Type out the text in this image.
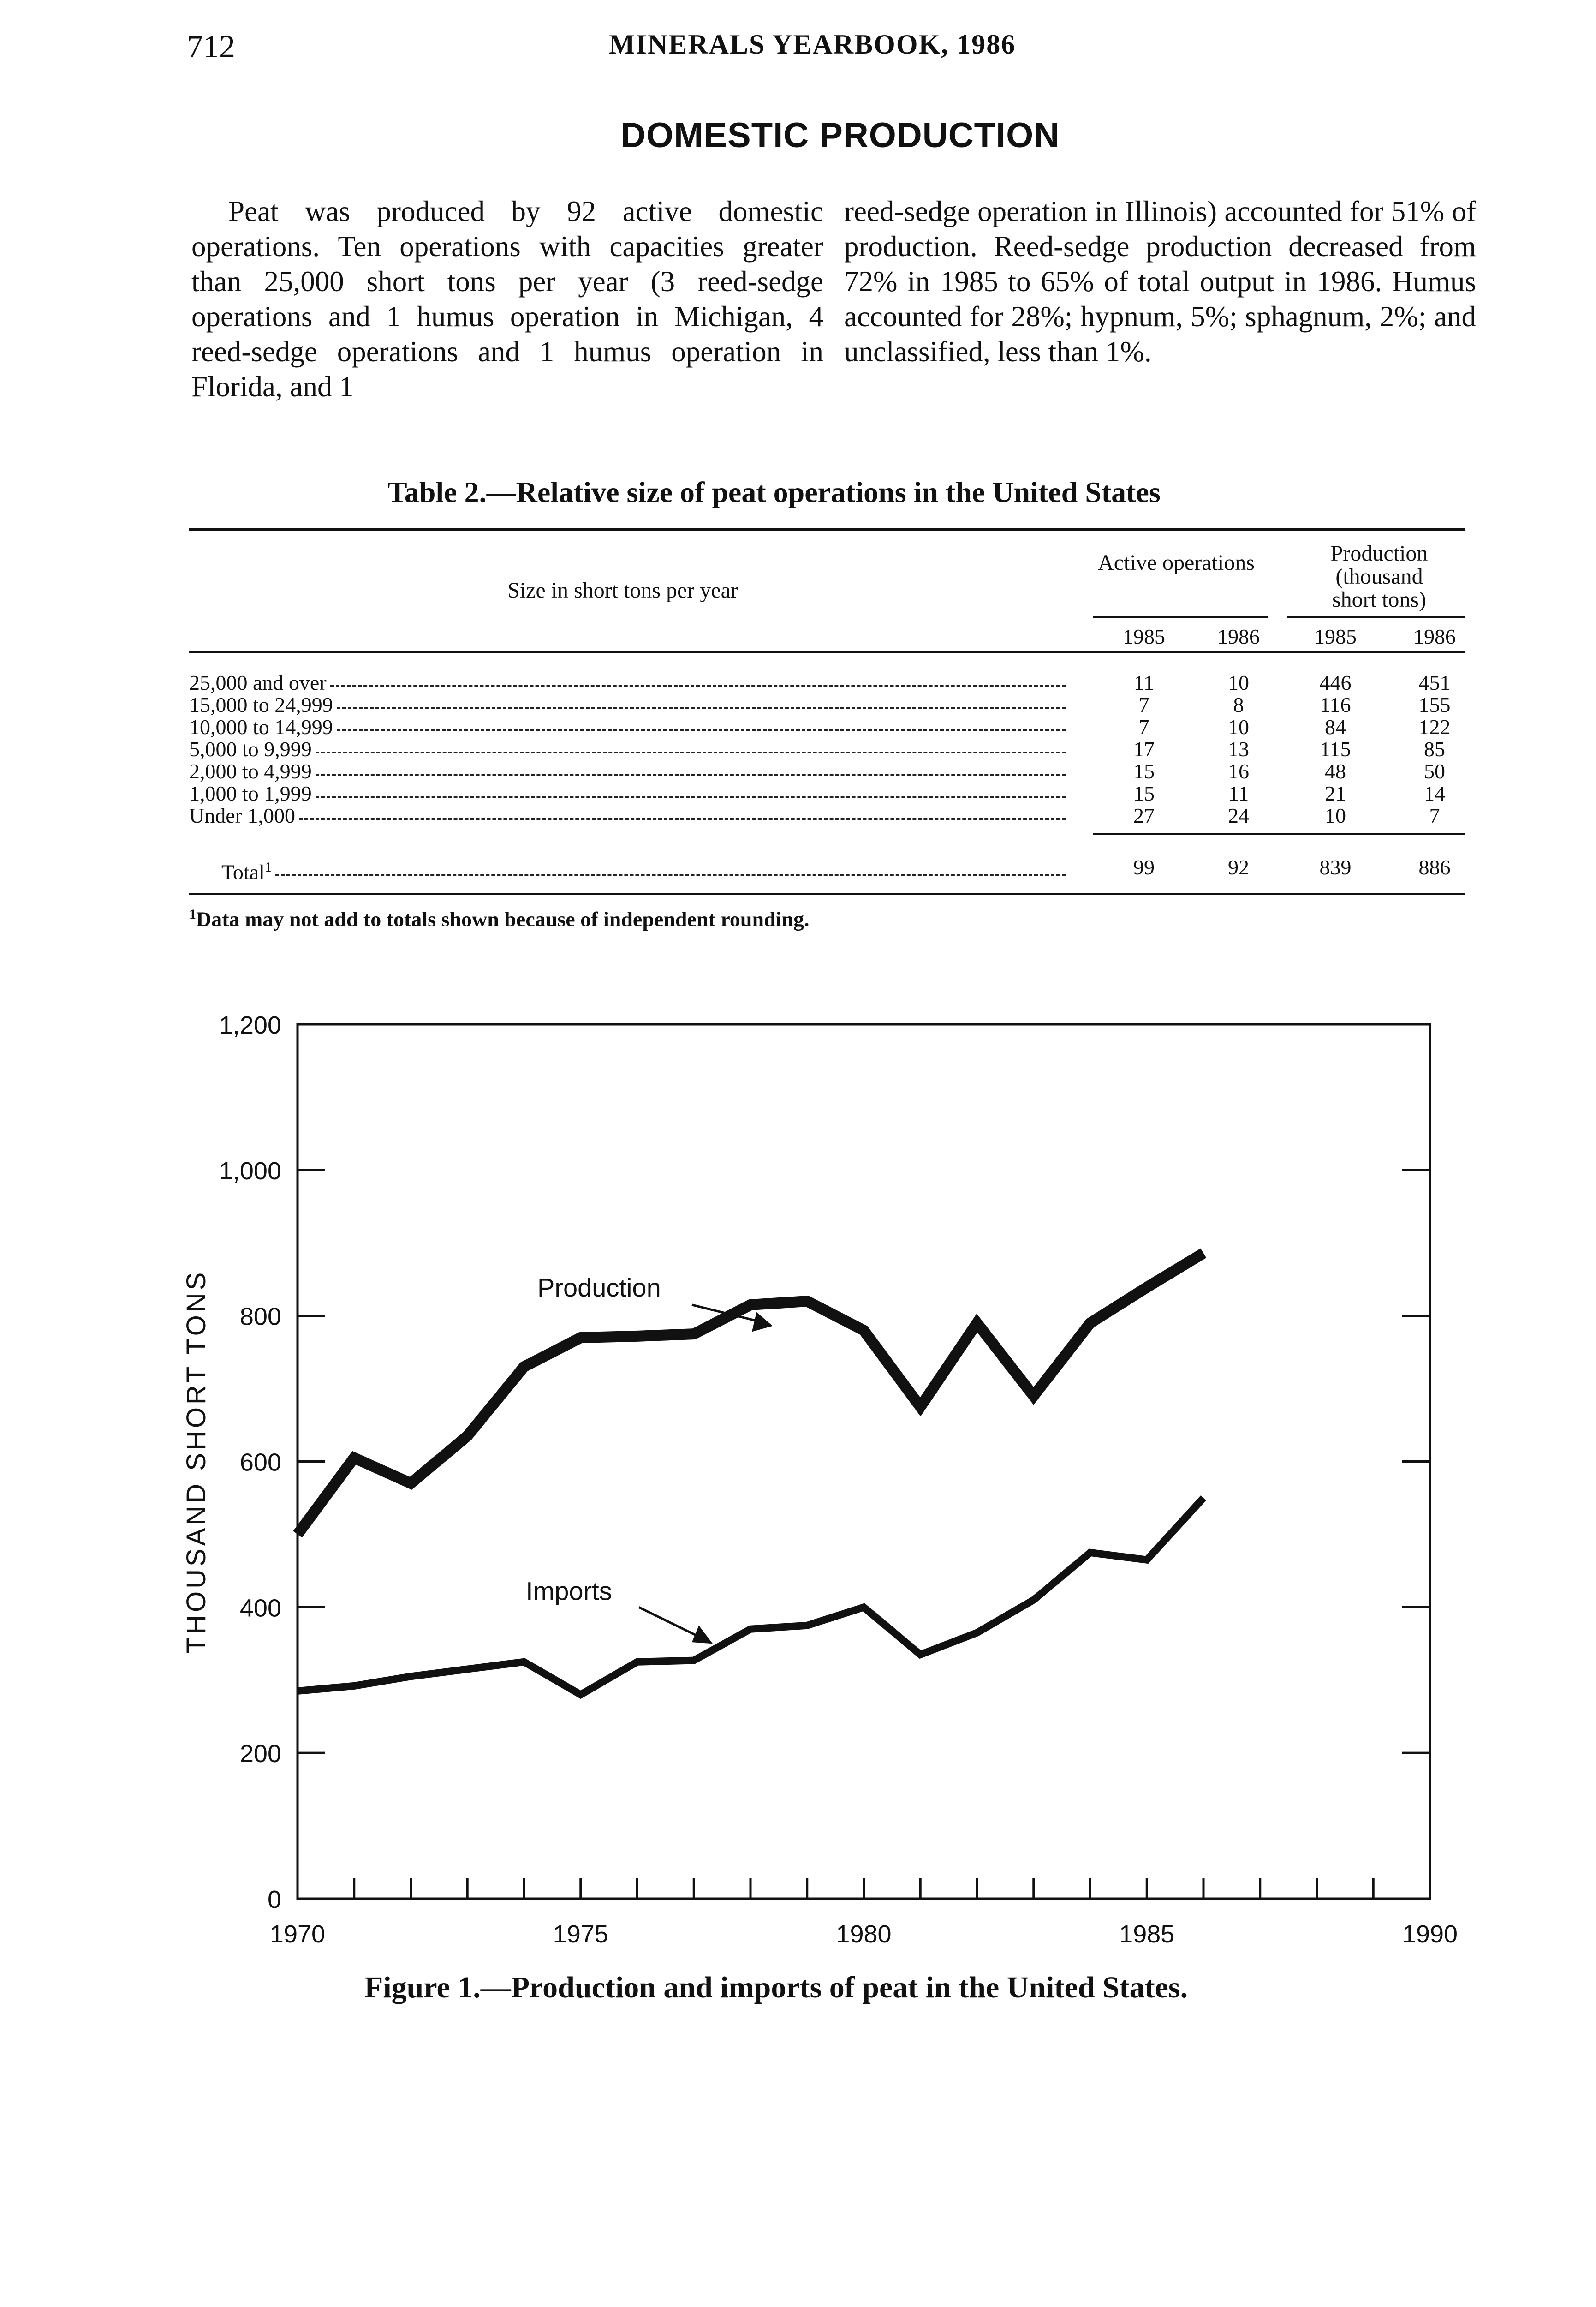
712	MINERALS YEARBOOK, 1986
DOMESTIC PRODUCTION
Peat was produced by 92 active domestic operations. Ten operations with capacities greater than 25,000 short tons per year (3 reed-sedge operations and 1 humus operation in Michigan, 4 reed-sedge operations and 1 humus operation in Florida, and 1
reed-sedge operation in Illinois) accounted for 51% of production. Reed-sedge production decreased from 72% in 1985 to 65% of total output in 1986. Humus accounted for 28%; hypnum, 5%; sphagnum, 2%; and unclassified, less than 1%.
Table 2.—Relative size of peat operations in the United States
Size in short tons per year
Active operations	Production
(thousand
short tons)
1985	1986	1985	1986
25,000 and over	11	10	446	451
15,000 to 24,999	7	8	116	155
10,000 to 14,999	7	10	84	122
5,000 to 9,999	17	13	115	85
2,000 to 4,999	15	16	48	50
1,000 to 1,999	15	11	21	14
Under 1,000	27	24	10	7
Total$^1$	99	92	839	886
$^1$Data may not add to totals shown because of independent rounding.
0
200
400
600
800
1,000
1,200
1970	1975	1980	1985	1990
THOUSAND SHORT TONS	Production
Imports
Figure 1.—Production and imports of peat in the United States.
